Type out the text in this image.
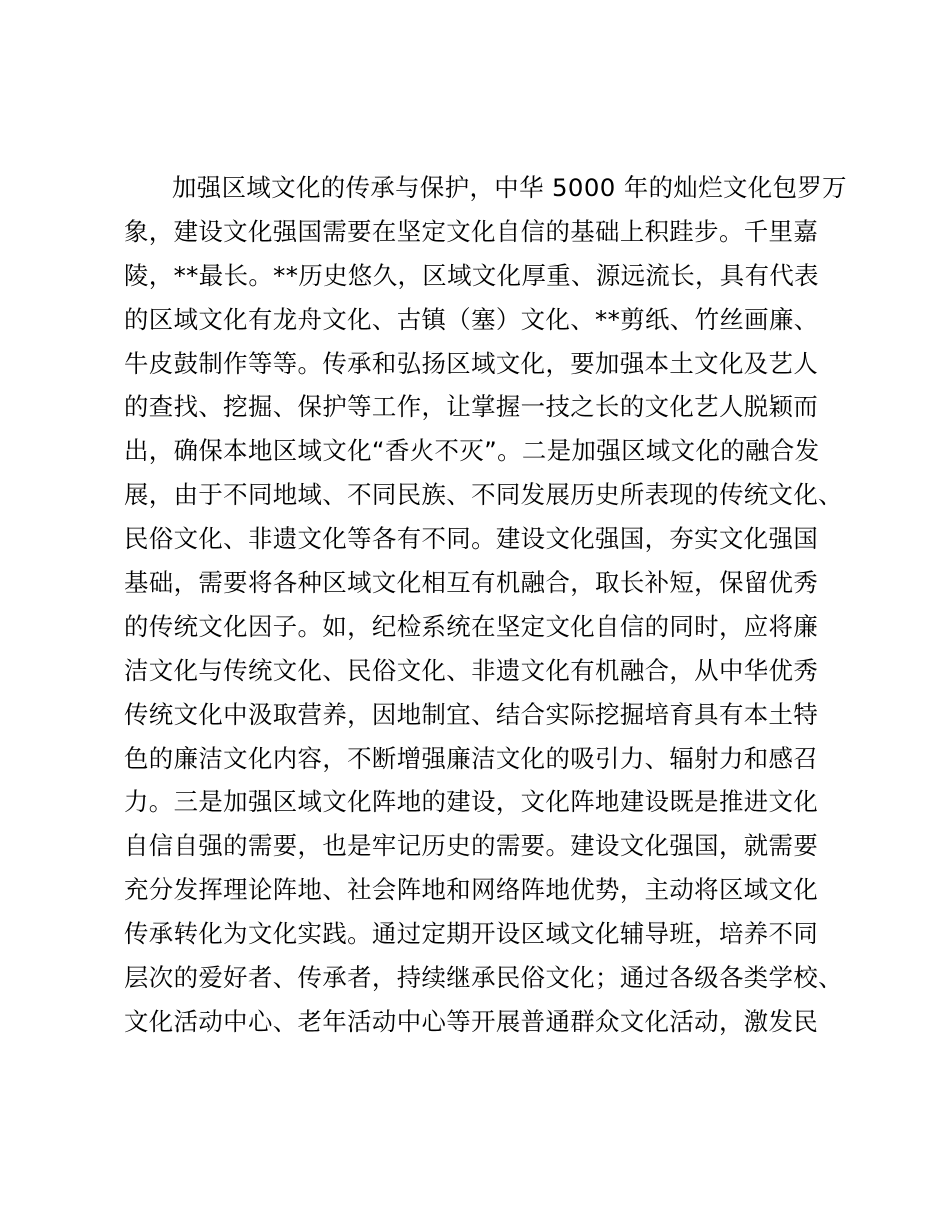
加强区域文化的传承与保护，中华 5000 年的灿烂文化包罗万
象，建设文化强国需要在坚定文化自信的基础上积跬步。千里嘉
陵，**最长。**历史悠久，区域文化厚重、源远流长，具有代表
的区域文化有龙舟文化、古镇（塞）文化、**剪纸、竹丝画廉、
牛皮鼓制作等等。传承和弘扬区域文化，要加强本土文化及艺人
的查找、挖掘、保护等工作，让掌握一技之长的文化艺人脱颖而
出，确保本地区域文化“香火不灭”。二是加强区域文化的融合发
展，由于不同地域、不同民族、不同发展历史所表现的传统文化、
民俗文化、非遗文化等各有不同。建设文化强国，夯实文化强国
基础，需要将各种区域文化相互有机融合，取长补短，保留优秀
的传统文化因子。如，纪检系统在坚定文化自信的同时，应将廉
洁文化与传统文化、民俗文化、非遗文化有机融合，从中华优秀
传统文化中汲取营养，因地制宜、结合实际挖掘培育具有本土特
色的廉洁文化内容，不断增强廉洁文化的吸引力、辐射力和感召
力。三是加强区域文化阵地的建设，文化阵地建设既是推进文化
自信自强的需要，也是牢记历史的需要。建设文化强国，就需要
充分发挥理论阵地、社会阵地和网络阵地优势，主动将区域文化
传承转化为文化实践。通过定期开设区域文化辅导班，培养不同
层次的爱好者、传承者，持续继承民俗文化；通过各级各类学校、
文化活动中心、老年活动中心等开展普通群众文化活动，激发民
